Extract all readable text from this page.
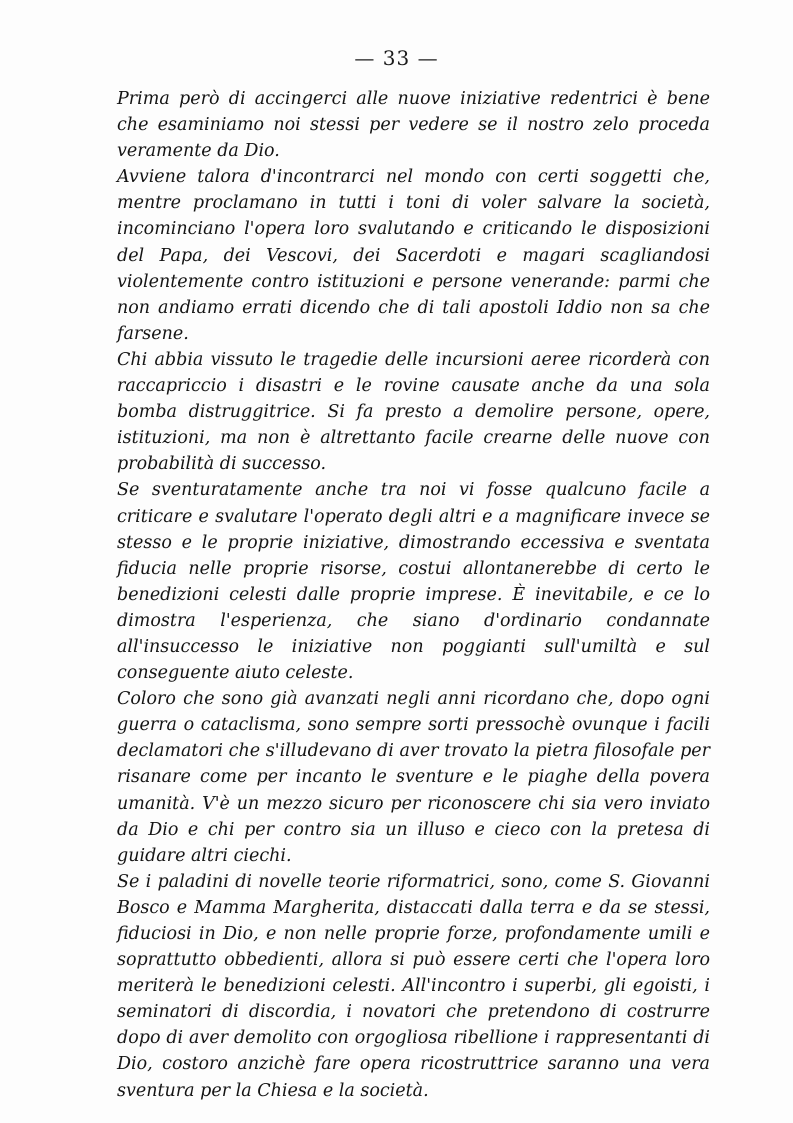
— 33 —

Prima però di accingerci alle nuove iniziative redentrici è bene che esaminiamo noi stessi per vedere se il nostro zelo proceda veramente da Dio.

Avviene talora d'incontrarci nel mondo con certi soggetti che, mentre proclamano in tutti i toni di voler salvare la società, incominciano l'opera loro svalutando e criticando le disposizioni del Papa, dei Vescovi, dei Sacerdoti e magari scagliandosi violentemente contro istituzioni e persone venerande: parmi che non andiamo errati dicendo che di tali apostoli Iddio non sa che farsene.

Chi abbia vissuto le tragedie delle incursioni aeree ricorderà con raccapriccio i disastri e le rovine causate anche da una sola bomba distruggitrice. Si fa presto a demolire persone, opere, istituzioni, ma non è altrettanto facile crearne delle nuove con probabilità di successo.

Se sventuratamente anche tra noi vi fosse qualcuno facile a criticare e svalutare l'operato degli altri e a magnificare invece se stesso e le proprie iniziative, dimostrando eccessiva e sventata fiducia nelle proprie risorse, costui allontanerebbe di certo le benedizioni celesti dalle proprie imprese. È inevitabile, e ce lo dimostra l'esperienza, che siano d'ordinario condannate all'insuccesso le iniziative non poggianti sull'umiltà e sul conseguente aiuto celeste.

Coloro che sono già avanzati negli anni ricordano che, dopo ogni guerra o cataclisma, sono sempre sorti pressochè ovunque i facili declamatori che s'illudevano di aver trovato la pietra filosofale per risanare come per incanto le sventure e le piaghe della povera umanità. V'è un mezzo sicuro per riconoscere chi sia vero inviato da Dio e chi per contro sia un illuso e cieco con la pretesa di guidare altri ciechi.

Se i paladini di novelle teorie riformatrici, sono, come S. Giovanni Bosco e Mamma Margherita, distaccati dalla terra e da se stessi, fiduciosi in Dio, e non nelle proprie forze, profondamente umili e soprattutto obbedienti, allora si può essere certi che l'opera loro meriterà le benedizioni celesti. All'incontro i superbi, gli egoisti, i seminatori di discordia, i novatori che pretendono di costrurre dopo di aver demolito con orgogliosa ribellione i rappresentanti di Dio, costoro anzichè fare opera ricostruttrice saranno una vera sventura per la Chiesa e la società.
